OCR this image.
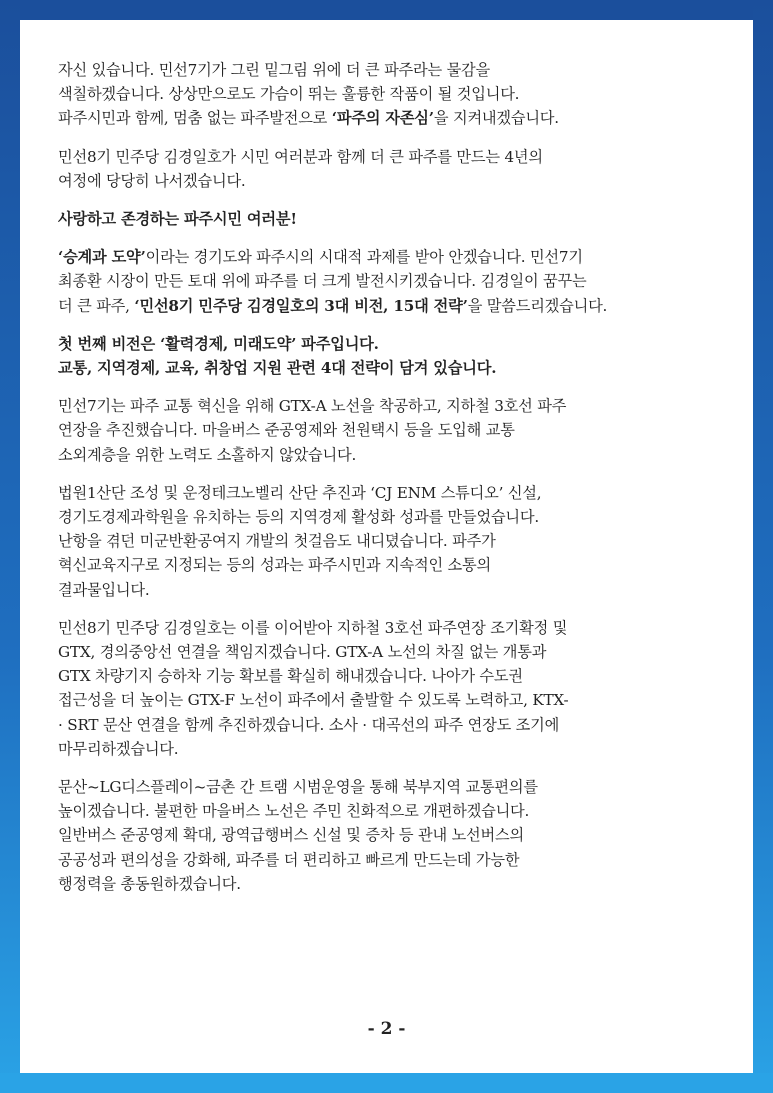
자신 있습니다. 민선7기가 그린 밑그림 위에 더 큰 파주라는 물감을
색칠하겠습니다. 상상만으로도 가슴이 뛰는 훌륭한 작품이 될 것입니다.
파주시민과 함께, 멈춤 없는 파주발전으로 ‘파주의 자존심’을 지켜내겠습니다.

민선8기 민주당 김경일호가 시민 여러분과 함께 더 큰 파주를 만드는 4년의
여정에 당당히 나서겠습니다.

사랑하고 존경하는 파주시민 여러분!

‘승계과 도약’이라는 경기도와 파주시의 시대적 과제를 받아 안겠습니다. 민선7기
최종환 시장이 만든 토대 위에 파주를 더 크게 발전시키겠습니다. 김경일이 꿈꾸는
더 큰 파주, ‘민선8기 민주당 김경일호의 3대 비전, 15대 전략’을 말씀드리겠습니다.

첫 번째 비전은 ‘활력경제, 미래도약’ 파주입니다.
교통, 지역경제, 교육, 취창업 지원 관련 4대 전략이 담겨 있습니다.

민선7기는 파주 교통 혁신을 위해 GTX-A 노선을 착공하고, 지하철 3호선 파주
연장을 추진했습니다. 마을버스 준공영제와 천원택시 등을 도입해 교통
소외계층을 위한 노력도 소홀하지 않았습니다.

법원1산단 조성 및 운정테크노벨리 산단 추진과 ‘CJ ENM 스튜디오’ 신설,
경기도경제과학원을 유치하는 등의 지역경제 활성화 성과를 만들었습니다.
난항을 겪던 미군반환공여지 개발의 첫걸음도 내디뎠습니다. 파주가
혁신교육지구로 지정되는 등의 성과는 파주시민과 지속적인 소통의
결과물입니다.

민선8기 민주당 김경일호는 이를 이어받아 지하철 3호선 파주연장 조기확정 및
GTX, 경의중앙선 연결을 책임지겠습니다. GTX-A 노선의 차질 없는 개통과
GTX 차량기지 승하차 기능 확보를 확실히 해내겠습니다. 나아가 수도권
접근성을 더 높이는 GTX-F 노선이 파주에서 출발할 수 있도록 노력하고, KTX-
· SRT 문산 연결을 함께 추진하겠습니다. 소사 · 대곡선의 파주 연장도 조기에
마무리하겠습니다.

문산~LG디스플레이~금촌 간 트램 시범운영을 통해 북부지역 교통편의를
높이겠습니다. 불편한 마을버스 노선은 주민 친화적으로 개편하겠습니다.
일반버스 준공영제 확대, 광역급행버스 신설 및 증차 등 관내 노선버스의
공공성과 편의성을 강화해, 파주를 더 편리하고 빠르게 만드는데 가능한
행정력을 총동원하겠습니다.

- 2 -
